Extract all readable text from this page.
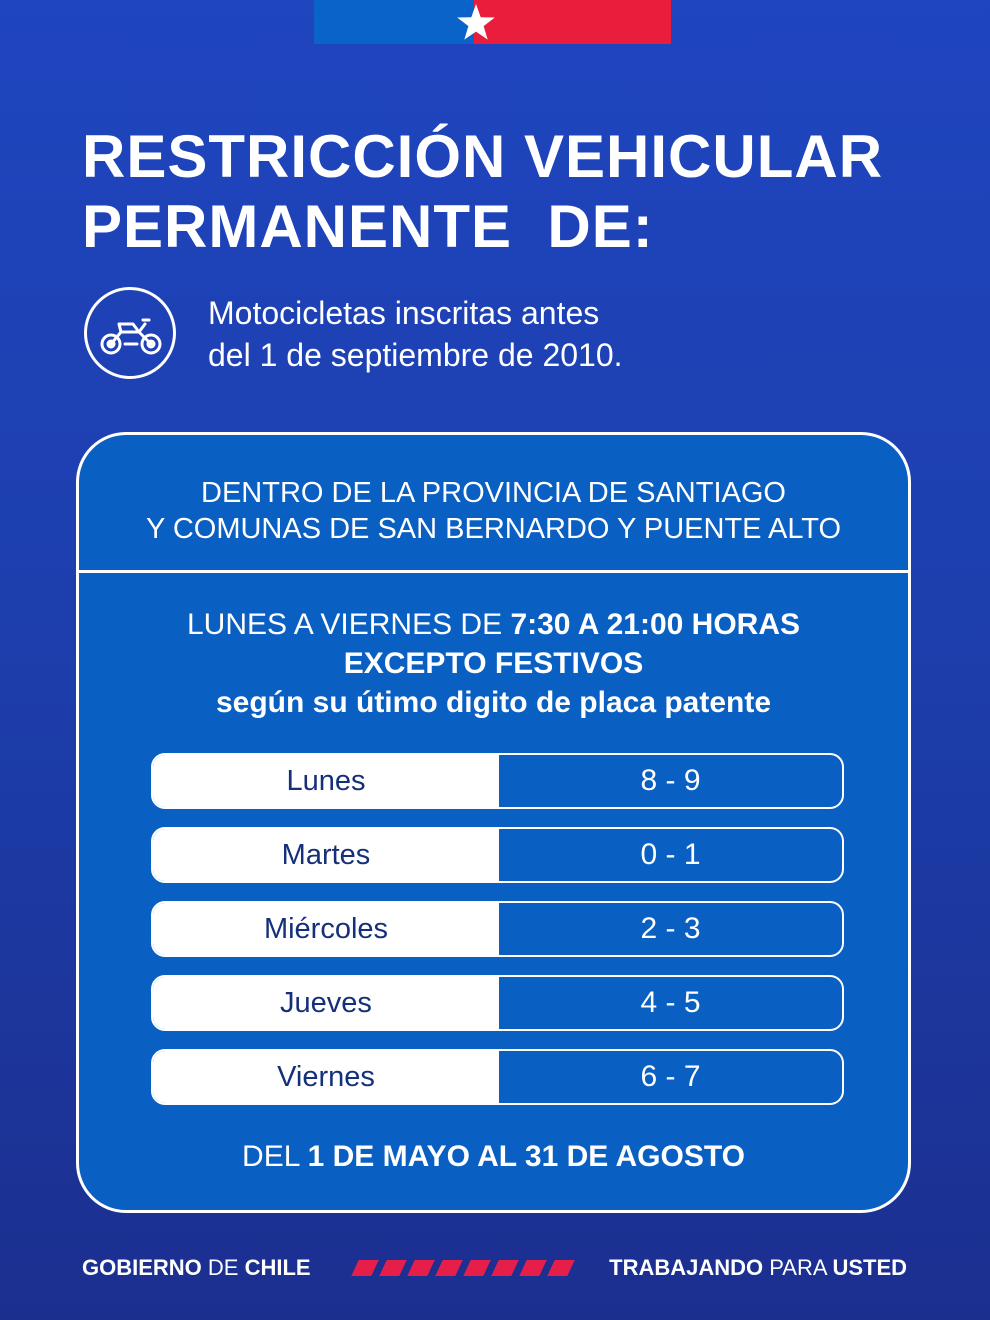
RESTRICCIÓN VEHICULAR
PERMANENTE  DE:
Motocicletas inscritas antes
del 1 de septiembre de 2010.
DENTRO DE LA PROVINCIA DE SANTIAGO
Y COMUNAS DE SAN BERNARDO Y PUENTE ALTO
LUNES A VIERNES DE 7:30 A 21:00 HORAS
EXCEPTO FESTIVOS
según su útimo digito de placa patente
Lunes	8 - 9
Martes	0 - 1
Miércoles	2 - 3
Jueves	4 - 5
Viernes	6 - 7
DEL 1 DE MAYO AL 31 DE AGOSTO
GOBIERNO DE CHILE	TRABAJANDO PARA USTED
